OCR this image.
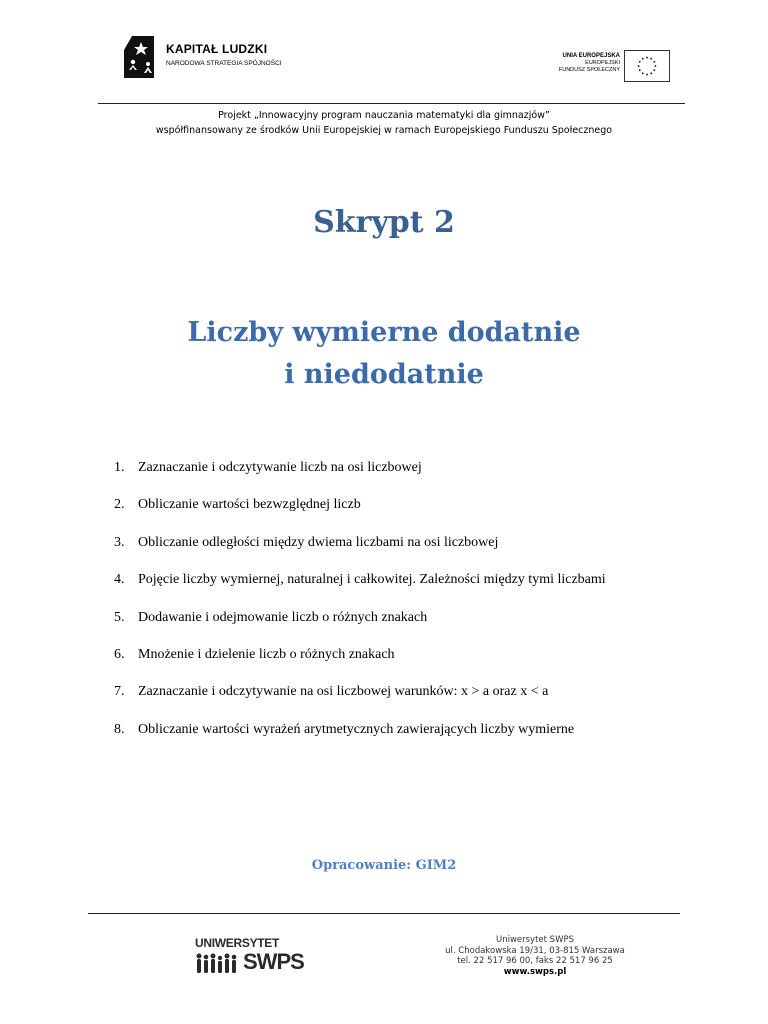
KAPITAŁ LUDZKI
NARODOWA STRATEGIA SPÓJNOŚCI
UNIA EUROPEJSKA
EUROPEJSKI
FUNDUSZ SPOŁECZNY
Projekt „Innowacyjny program nauczania matematyki dla gimnazjów”
współfinansowany ze środków Unii Europejskiej w ramach Europejskiego Funduszu Społecznego
Skrypt 2
Liczby wymierne dodatnie
i niedodatnie
1. Zaznaczanie i odczytywanie liczb na osi liczbowej
2. Obliczanie wartości bezwzględnej liczb
3. Obliczanie odległości między dwiema liczbami na osi liczbowej
4. Pojęcie liczby wymiernej, naturalnej i całkowitej. Zależności między tymi liczbami
5. Dodawanie i odejmowanie liczb o różnych znakach
6. Mnożenie i dzielenie liczb o różnych znakach
7. Zaznaczanie i odczytywanie na osi liczbowej warunków: x > a oraz x < a
8. Obliczanie wartości wyrażeń arytmetycznych zawierających liczby wymierne
Opracowanie: GIM2
UNIWERSYTET
SWPS
Uniwersytet SWPS
ul. Chodakowska 19/31, 03-815 Warszawa
tel. 22 517 96 00, faks 22 517 96 25
www.swps.pl
